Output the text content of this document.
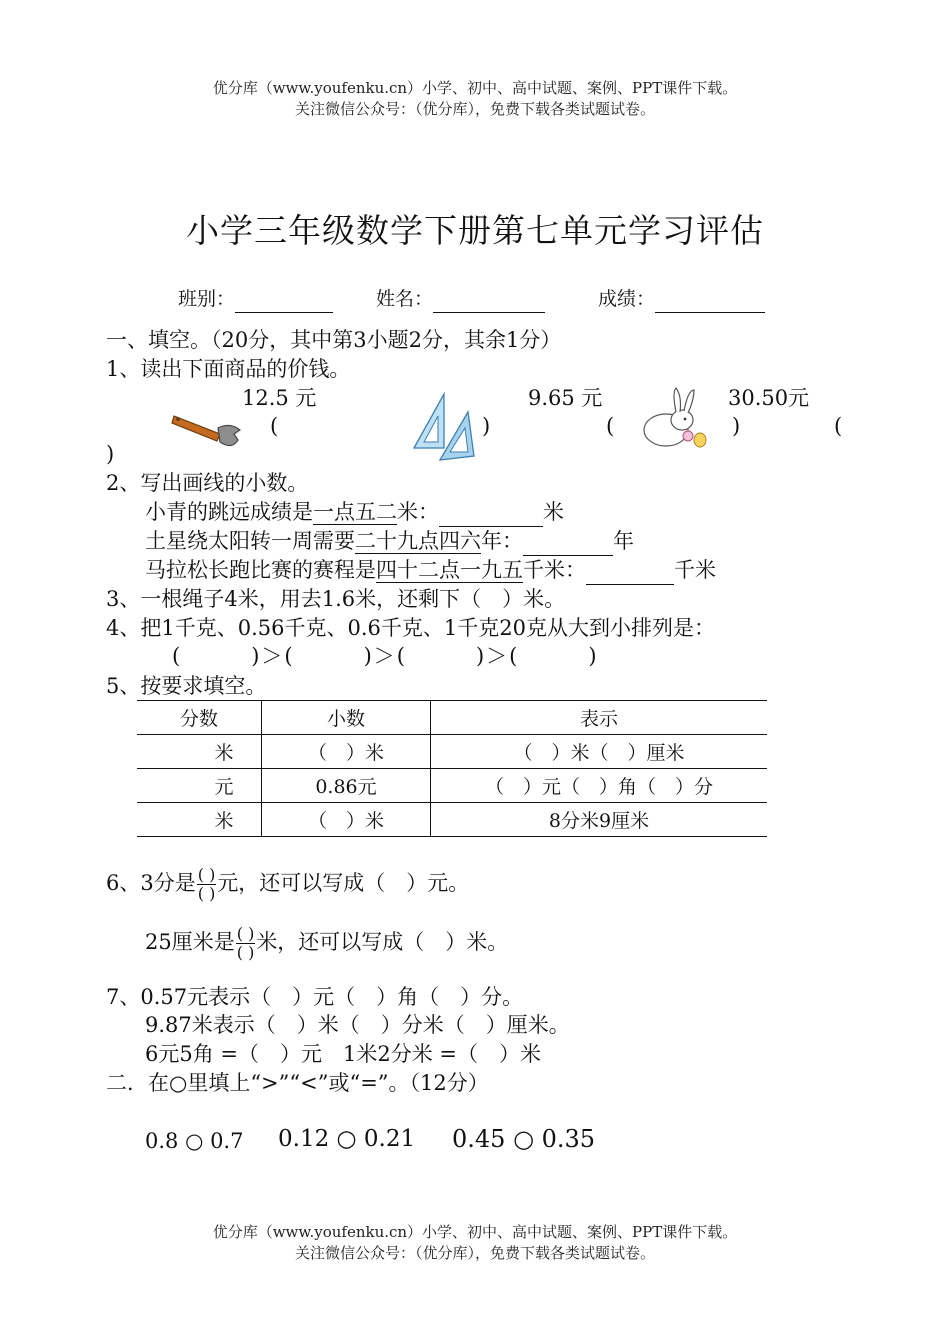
优分库（www.youfenku.cn）小学、初中、高中试题、案例、PPT课件下载。
关注微信公众号：（优分库），免费下载各类试题试卷。
小学三年级数学下册第七单元学习评估
班别：	姓名：	成绩：
一、填空。（20分，其中第3小题2分，其余1分）
1、读出下面商品的价钱。
12.5 元	9.65 元	30.50元
(	)	(	)	(
)
2、写出画线的小数。
小青的跳远成绩是一点五二米：	米
土星绕太阳转一周需要二十九点四六年：	年
马拉松长跑比赛的赛程是四十二点一九五千米：	千米
3、一根绳子4米，用去1.6米，还剩下（　）米。
4、把1千克、0.56千克、0.6千克、1千克20克从大到小排列是：
(　　　)＞(　　　)＞(　　　)＞(　　　)
5、按要求填空。
分数	小数	表示
米	（　）米	（　）米（　）厘米
元	0.86元	（　）元（　）角（　）分
米	（　）米	8分米9厘米
6、3分是 $\frac{( )}{( )}$ 元，还可以写成（　）元。
25厘米是 $\frac{( )}{( )}$ 米，还可以写成（　）米。
7、0.57元表示（　）元（　）角（　）分。
9.87米表示（　）米（　）分米（　）厘米。
6元5角 =（　）元　1米2分米 =（　）米
二．在○里填上“>”“<”或“=”。（12分）
0.8 ○ 0.7 0.12 ○ 0.21 0.45 ○ 0.35
优分库（www.youfenku.cn）小学、初中、高中试题、案例、PPT课件下载。
关注微信公众号：（优分库），免费下载各类试题试卷。
